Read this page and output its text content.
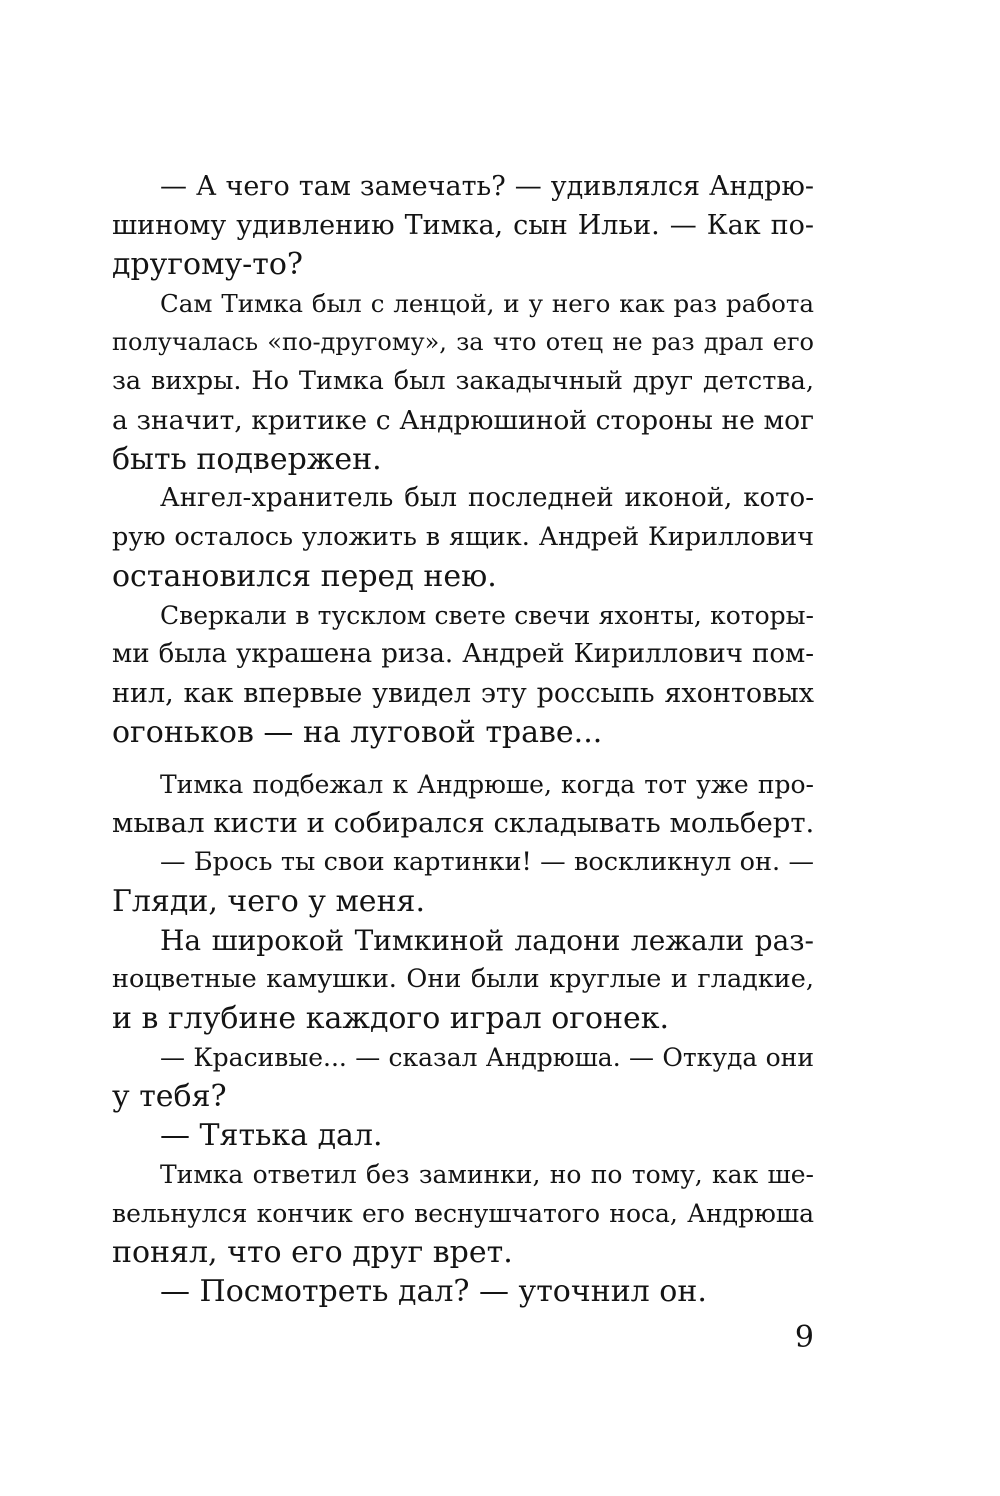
— А чего там замечать? — удивлялся Андрю-
шиному удивлению Тимка, сын Ильи. — Как по-
другому-то?
Сам Тимка был с ленцой, и у него как раз работа
получалась «по-другому», за что отец не раз драл его
за вихры. Но Тимка был закадычный друг детства,
а значит, критике с Андрюшиной стороны не мог
быть подвержен.
Ангел-хранитель был последней иконой, кото-
рую осталось уложить в ящик. Андрей Кириллович
остановился перед нею.
Сверкали в тусклом свете свечи яхонты, которы-
ми была украшена риза. Андрей Кириллович пом-
нил, как впервые увидел эту россыпь яхонтовых
огоньков — на луговой траве...
Тимка подбежал к Андрюше, когда тот уже про-
мывал кисти и собирался складывать мольберт.
— Брось ты свои картинки! — воскликнул он. —
Гляди, чего у меня.
На широкой Тимкиной ладони лежали раз-
ноцветные камушки. Они были круглые и гладкие,
и в глубине каждого играл огонек.
— Красивые... — сказал Андрюша. — Откуда они
у тебя?
— Тятька дал.
Тимка ответил без заминки, но по тому, как ше-
вельнулся кончик его веснушчатого носа, Андрюша
понял, что его друг врет.
— Посмотреть дал? — уточнил он.
9
